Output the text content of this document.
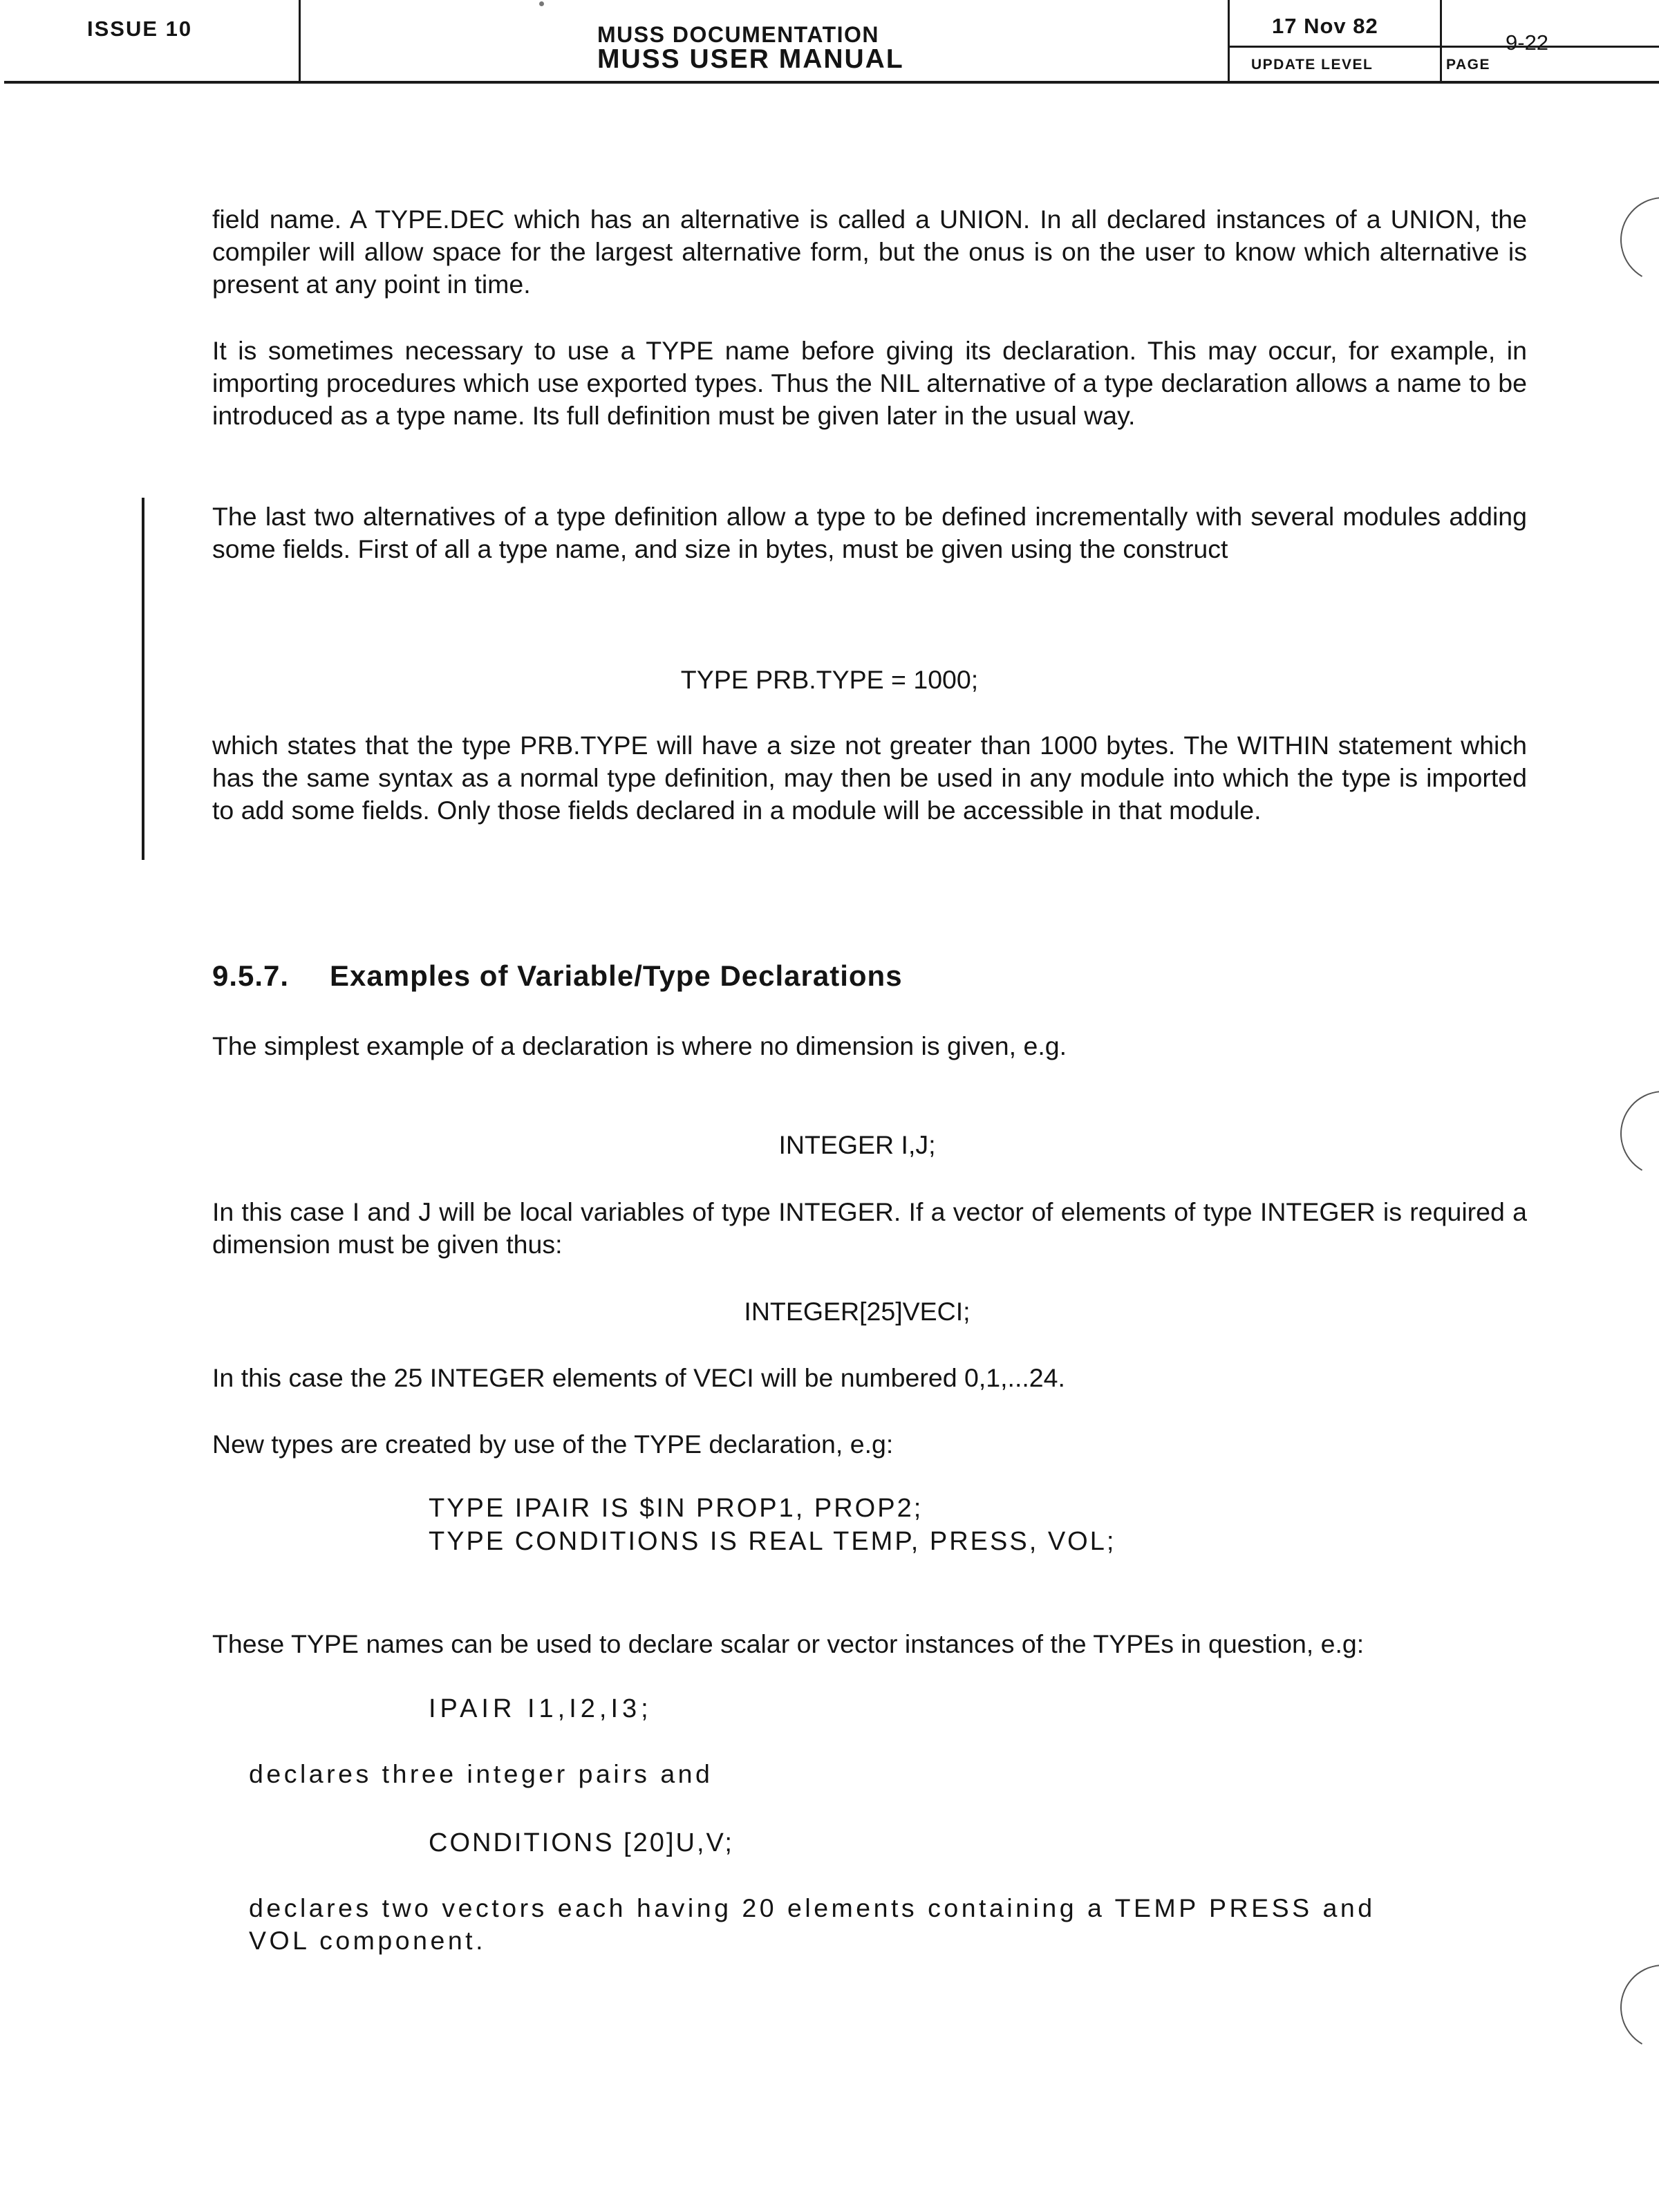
ISSUE 10	MUSS DOCUMENTATION
MUSS USER MANUAL
17 Nov 82
UPDATE LEVEL
9-22
PAGE

field name. A TYPE.DEC which has an alternative is called a UNION. In all declared instances of a UNION, the compiler will allow space for the largest alternative form, but the onus is on the user to know which alternative is present at any point in time.

It is sometimes necessary to use a TYPE name before giving its declaration. This may occur, for example, in importing procedures which use exported types. Thus the NIL alternative of a type declaration allows a name to be introduced as a type name. Its full definition must be given later in the usual way.

The last two alternatives of a type definition allow a type to be defined incrementally with several modules adding some fields. First of all a type name, and size in bytes, must be given using the construct

TYPE PRB.TYPE = 1000;

which states that the type PRB.TYPE will have a size not greater than 1000 bytes. The WITHIN statement which has the same syntax as a normal type definition, may then be used in any module into which the type is imported to add some fields. Only those fields declared in a module will be accessible in that module.

9.5.7. Examples of Variable/Type Declarations

The simplest example of a declaration is where no dimension is given, e.g.

INTEGER I,J;

In this case I and J will be local variables of type INTEGER. If a vector of elements of type INTEGER is required a dimension must be given thus:

INTEGER[25]VECI;

In this case the 25 INTEGER elements of VECI will be numbered 0,1,...24.

New types are created by use of the TYPE declaration, e.g:

TYPE IPAIR IS $IN PROP1, PROP2;
TYPE CONDITIONS IS REAL TEMP, PRESS, VOL;

These TYPE names can be used to declare scalar or vector instances of the TYPEs in question, e.g:

IPAIR I1,I2,I3;
declares three integer pairs and
CONDITIONS [20]U,V;
declares two vectors each having 20 elements containing a TEMP PRESS and
VOL component.
